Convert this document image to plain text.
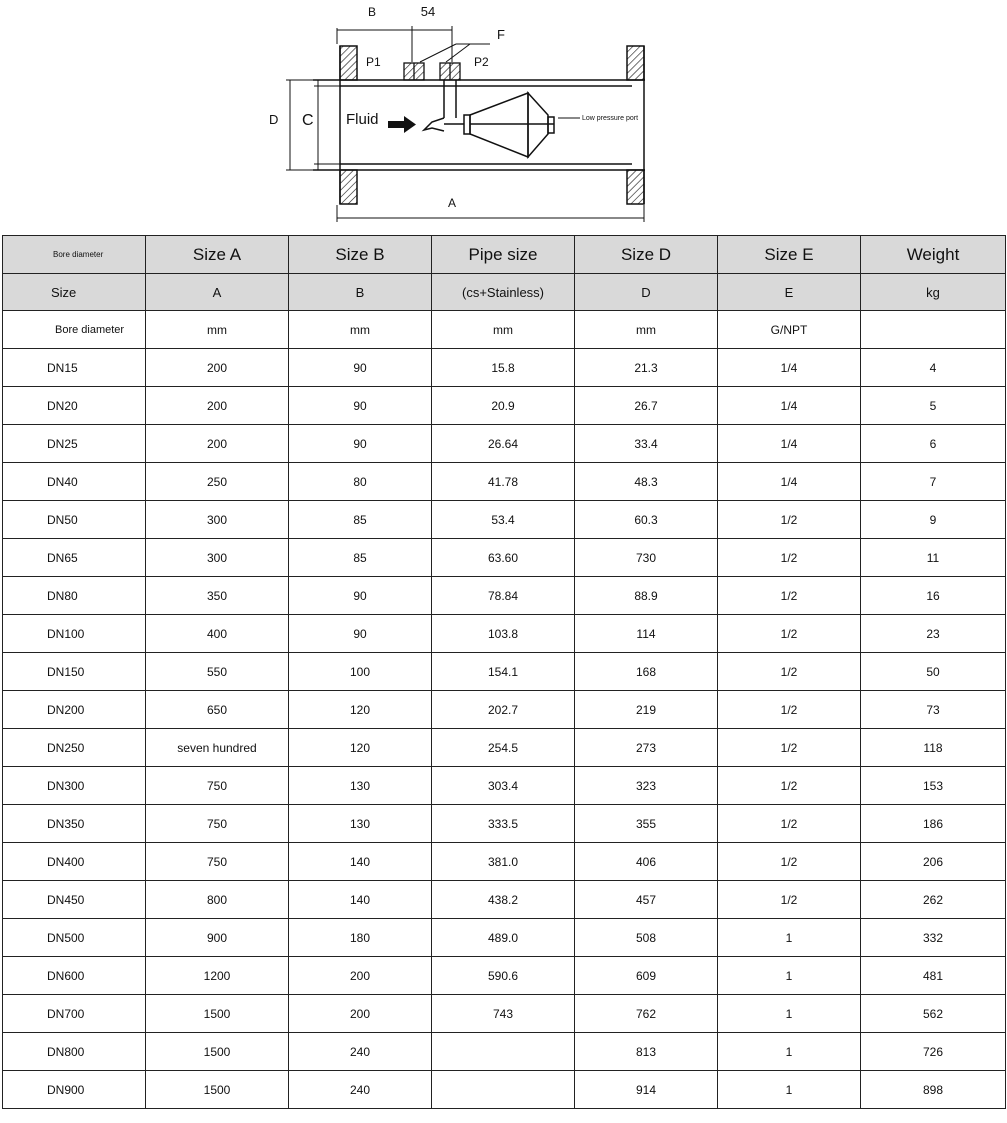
B	54
F
P1	P2
D C Fluid	Low pressure port
A
Bore diameter	Size A	Size B	Pipe size	Size D	Size E	Weight
Size	A	B	(cs+Stainless)	D	E	kg
Bore diameter	mm	mm	mm	mm	G/NPT	
DN15	200	90	15.8	21.3	1/4	4
DN20	200	90	20.9	26.7	1/4	5
DN25	200	90	26.64	33.4	1/4	6
DN40	250	80	41.78	48.3	1/4	7
DN50	300	85	53.4	60.3	1/2	9
DN65	300	85	63.60	730	1/2	11
DN80	350	90	78.84	88.9	1/2	16
DN100	400	90	103.8	114	1/2	23
DN150	550	100	154.1	168	1/2	50
DN200	650	120	202.7	219	1/2	73
DN250	seven hundred	120	254.5	273	1/2	118
DN300	750	130	303.4	323	1/2	153
DN350	750	130	333.5	355	1/2	186
DN400	750	140	381.0	406	1/2	206
DN450	800	140	438.2	457	1/2	262
DN500	900	180	489.0	508	1	332
DN600	1200	200	590.6	609	1	481
DN700	1500	200	743	762	1	562
DN800	1500	240		813	1	726
DN900	1500	240		914	1	898
